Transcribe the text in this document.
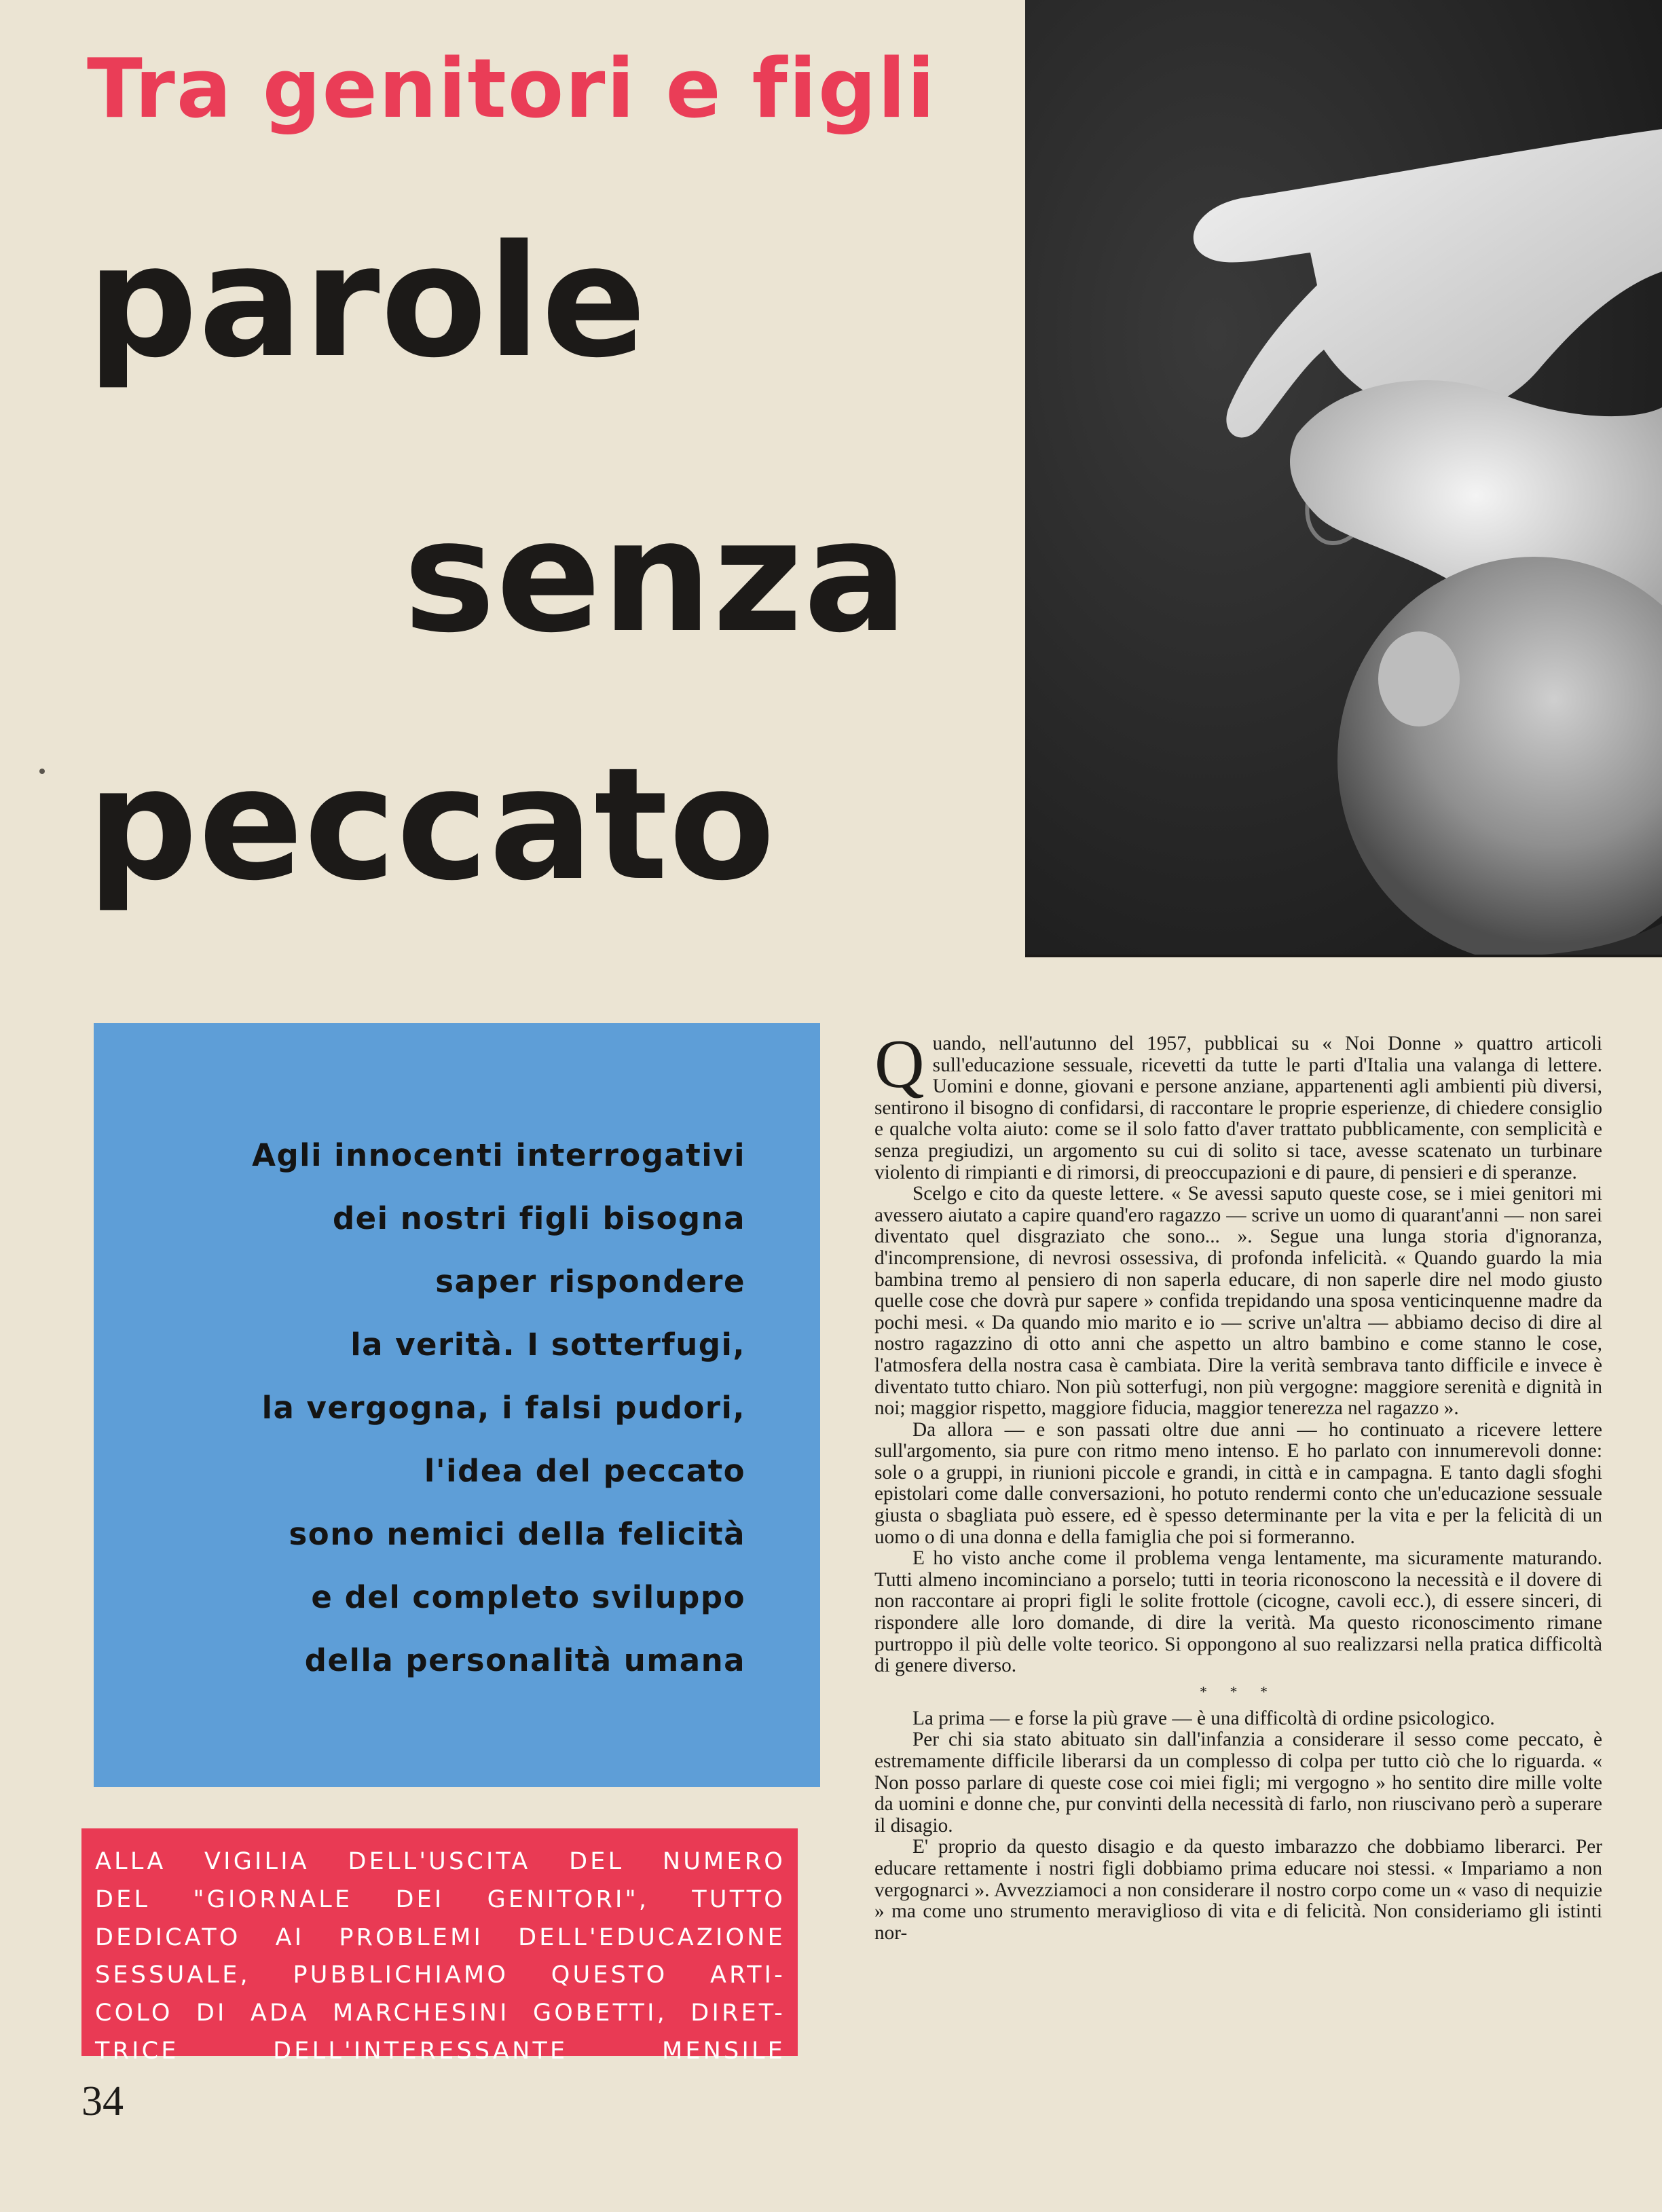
Tra genitori e figli
parole
senza
peccato
Agli innocenti interrogativi
dei nostri figli bisogna
saper rispondere
la verità. I sotterfugi,
la vergogna, i falsi pudori,
l'idea del peccato
sono nemici della felicità
e del completo sviluppo
della personalità umana
ALLA VIGILIA DELL'USCITA DEL NUMERO
DEL "GIORNALE DEI GENITORI", TUTTO
DEDICATO AI PROBLEMI DELL'EDUCAZIONE
SESSUALE, PUBBLICHIAMO QUESTO ARTI-
COLO DI ADA MARCHESINI GOBETTI, DIRET-
TRICE DELL'INTERESSANTE MENSILE

Quando, nell'autunno del 1957, pubblicai su « Noi Donne » quattro articoli sull'educazione sessuale, ricevetti da tutte le parti d'Italia una valanga di lettere. Uomini e donne, giovani e persone anziane, appartenenti agli ambienti più diversi, sentirono il bisogno di confidarsi, di raccontare le proprie esperienze, di chiedere consiglio e qualche volta aiuto: come se il solo fatto d'aver trattato pubblicamente, con semplicità e senza pregiudizi, un argomento su cui di solito si tace, avesse scatenato un turbinare violento di rimpianti e di rimorsi, di preoccupazioni e di paure, di pensieri e di speranze.

Scelgo e cito da queste lettere. « Se avessi saputo queste cose, se i miei genitori mi avessero aiutato a capire quand'ero ragazzo — scrive un uomo di quarant'anni — non sarei diventato quel disgraziato che sono... ». Segue una lunga storia d'ignoranza, d'incomprensione, di nevrosi ossessiva, di profonda infelicità. « Quando guardo la mia bambina tremo al pensiero di non saperla educare, di non saperle dire nel modo giusto quelle cose che dovrà pur sapere » confida trepidando una sposa venticinquenne madre da pochi mesi. « Da quando mio marito e io — scrive un'altra — abbiamo deciso di dire al nostro ragazzino di otto anni che aspetto un altro bambino e come stanno le cose, l'atmosfera della nostra casa è cambiata. Dire la verità sembrava tanto difficile e invece è diventato tutto chiaro. Non più sotterfugi, non più vergogne: maggiore serenità e dignità in noi; maggior rispetto, maggiore fiducia, maggior tenerezza nel ragazzo ».

Da allora — e son passati oltre due anni — ho continuato a ricevere lettere sull'argomento, sia pure con ritmo meno intenso. E ho parlato con innumerevoli donne: sole o a gruppi, in riunioni piccole e grandi, in città e in campagna. E tanto dagli sfoghi epistolari come dalle conversazioni, ho potuto rendermi conto che un'educazione sessuale giusta o sbagliata può essere, ed è spesso determinante per la vita e per la felicità di un uomo o di una donna e della famiglia che poi si formeranno.

E ho visto anche come il problema venga lentamente, ma sicuramente maturando. Tutti almeno incominciano a porselo; tutti in teoria riconoscono la necessità e il dovere di non raccontare ai propri figli le solite frottole (cicogne, cavoli ecc.), di essere sinceri, di rispondere alle loro domande, di dire la verità. Ma questo riconoscimento rimane purtroppo il più delle volte teorico. Si oppongono al suo realizzarsi nella pratica difficoltà di genere diverso.

* * *

La prima — e forse la più grave — è una difficoltà di ordine psicologico.

Per chi sia stato abituato sin dall'infanzia a considerare il sesso come peccato, è estremamente difficile liberarsi da un complesso di colpa per tutto ciò che lo riguarda. « Non posso parlare di queste cose coi miei figli; mi vergogno » ho sentito dire mille volte da uomini e donne che, pur convinti della necessità di farlo, non riuscivano però a superare il disagio.

E' proprio da questo disagio e da questo imbarazzo che dobbiamo liberarci. Per educare rettamente i nostri figli dobbiamo prima educare noi stessi. « Impariamo a non vergognarci ». Avvezziamoci a non considerare il nostro corpo come un « vaso di nequizie » ma come uno strumento meraviglioso di vita e di felicità. Non consideriamo gli istinti nor-

34
